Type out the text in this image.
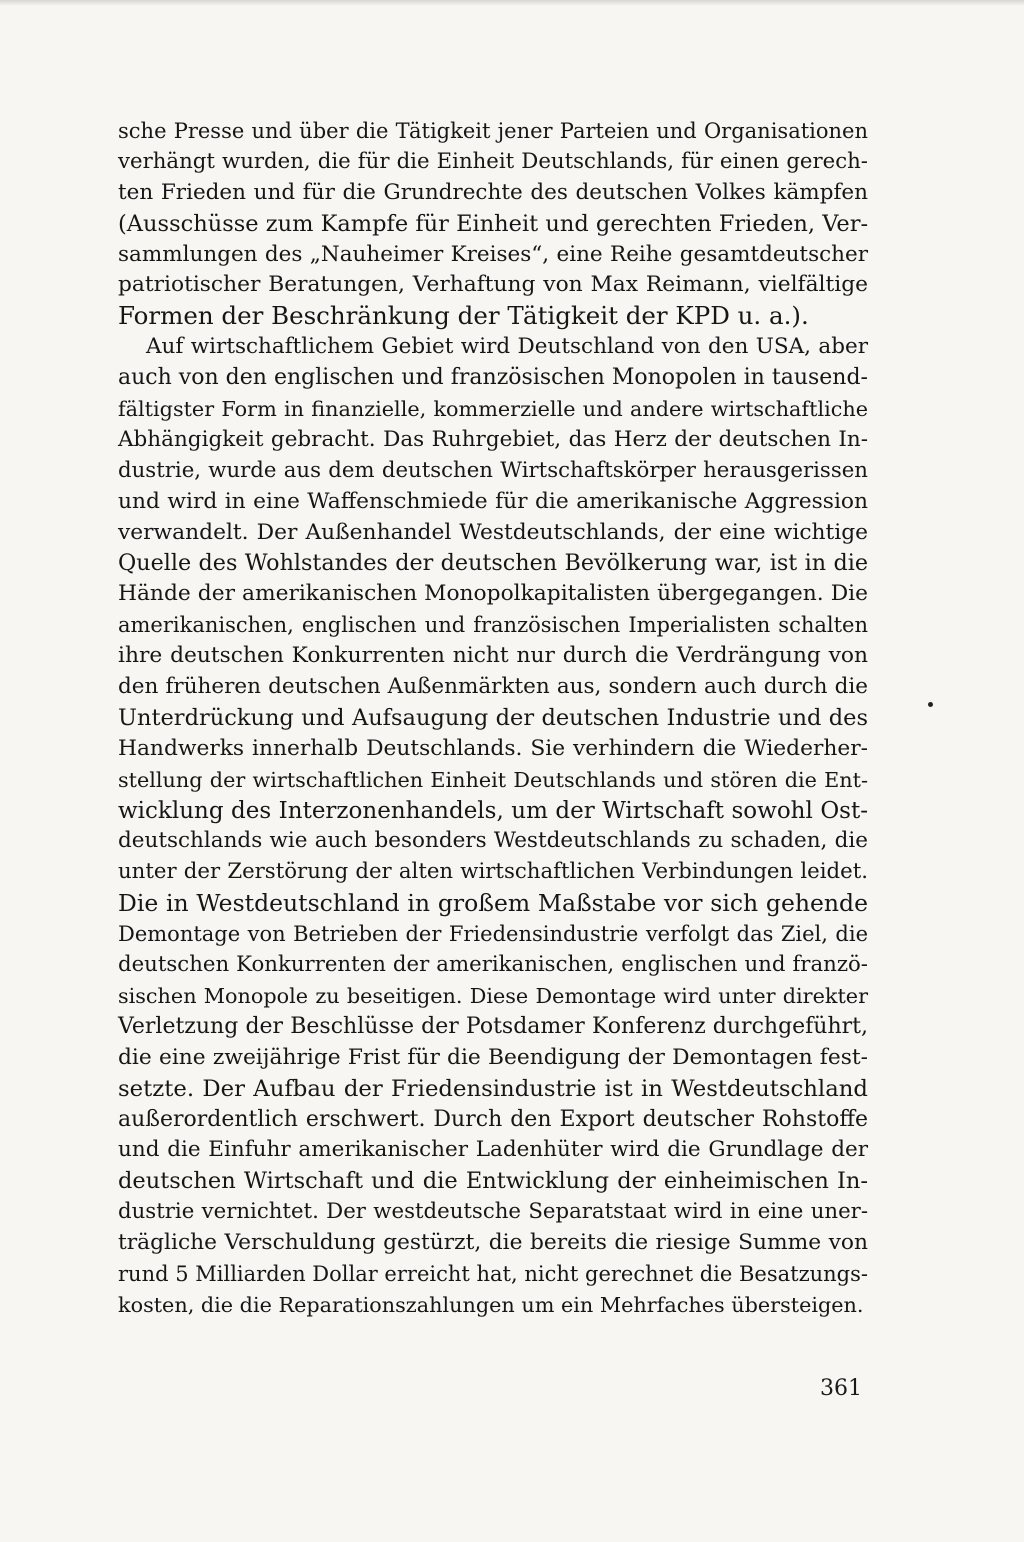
sche Presse und über die Tätigkeit jener Parteien und Organisationen
verhängt wurden, die für die Einheit Deutschlands, für einen gerech-
ten Frieden und für die Grundrechte des deutschen Volkes kämpfen
(Ausschüsse zum Kampfe für Einheit und gerechten Frieden, Ver-
sammlungen des „Nauheimer Kreises“, eine Reihe gesamtdeutscher
patriotischer Beratungen, Verhaftung von Max Reimann, vielfältige
Formen der Beschränkung der Tätigkeit der KPD u. a.).
Auf wirtschaftlichem Gebiet wird Deutschland von den USA, aber
auch von den englischen und französischen Monopolen in tausend-
fältigster Form in finanzielle, kommerzielle und andere wirtschaftliche
Abhängigkeit gebracht. Das Ruhrgebiet, das Herz der deutschen In-
dustrie, wurde aus dem deutschen Wirtschaftskörper herausgerissen
und wird in eine Waffenschmiede für die amerikanische Aggression
verwandelt. Der Außenhandel Westdeutschlands, der eine wichtige
Quelle des Wohlstandes der deutschen Bevölkerung war, ist in die
Hände der amerikanischen Monopolkapitalisten übergegangen. Die
amerikanischen, englischen und französischen Imperialisten schalten
ihre deutschen Konkurrenten nicht nur durch die Verdrängung von
den früheren deutschen Außenmärkten aus, sondern auch durch die
Unterdrückung und Aufsaugung der deutschen Industrie und des
Handwerks innerhalb Deutschlands. Sie verhindern die Wiederher-
stellung der wirtschaftlichen Einheit Deutschlands und stören die Ent-
wicklung des Interzonenhandels, um der Wirtschaft sowohl Ost-
deutschlands wie auch besonders Westdeutschlands zu schaden, die
unter der Zerstörung der alten wirtschaftlichen Verbindungen leidet.
Die in Westdeutschland in großem Maßstabe vor sich gehende
Demontage von Betrieben der Friedensindustrie verfolgt das Ziel, die
deutschen Konkurrenten der amerikanischen, englischen und franzö-
sischen Monopole zu beseitigen. Diese Demontage wird unter direkter
Verletzung der Beschlüsse der Potsdamer Konferenz durchgeführt,
die eine zweijährige Frist für die Beendigung der Demontagen fest-
setzte. Der Aufbau der Friedensindustrie ist in Westdeutschland
außerordentlich erschwert. Durch den Export deutscher Rohstoffe
und die Einfuhr amerikanischer Ladenhüter wird die Grundlage der
deutschen Wirtschaft und die Entwicklung der einheimischen In-
dustrie vernichtet. Der westdeutsche Separatstaat wird in eine uner-
trägliche Verschuldung gestürzt, die bereits die riesige Summe von
rund 5 Milliarden Dollar erreicht hat, nicht gerechnet die Besatzungs-
kosten, die die Reparationszahlungen um ein Mehrfaches übersteigen.
361
